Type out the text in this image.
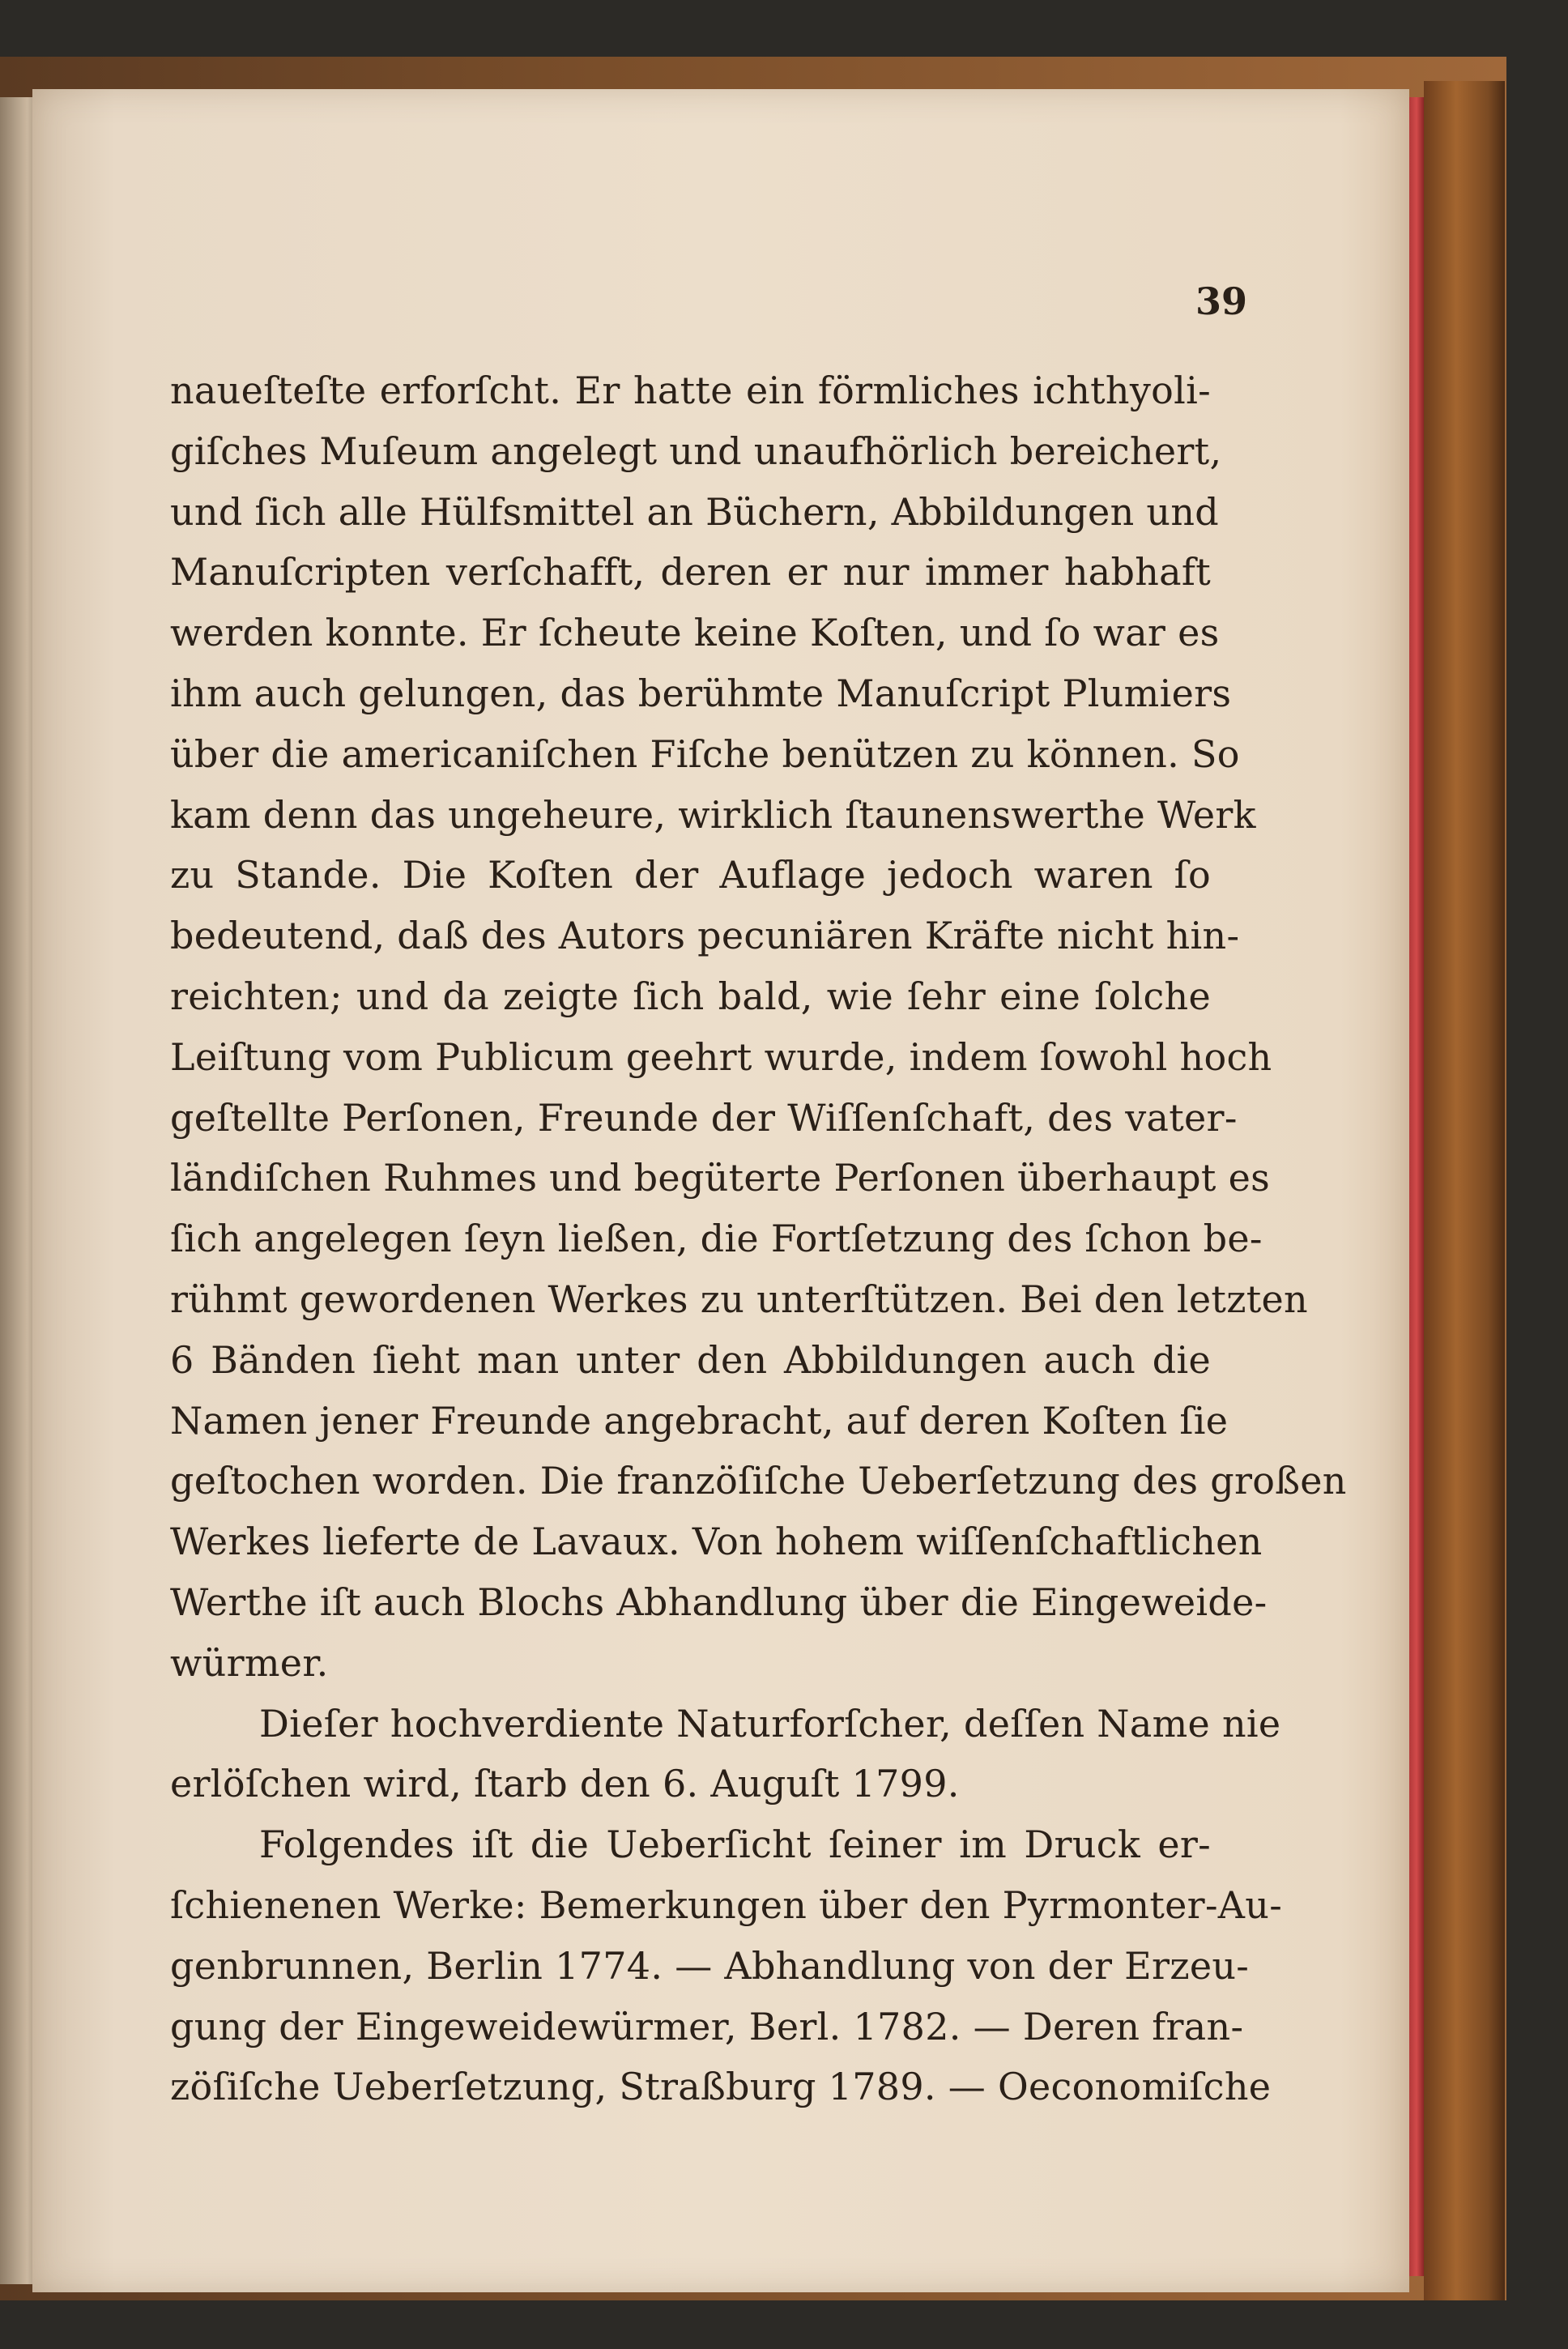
39
naueſteſte erforſcht. Er hatte ein förmliches ichthyoli-
giſches Muſeum angelegt und unaufhörlich bereichert,
und ſich alle Hülfsmittel an Büchern, Abbildungen und
Manuſcripten verſchafft, deren er nur immer habhaft
werden konnte. Er ſcheute keine Koſten, und ſo war es
ihm auch gelungen, das berühmte Manuſcript Plumiers
über die americaniſchen Fiſche benützen zu können. So
kam denn das ungeheure, wirklich ſtaunenswerthe Werk
zu Stande. Die Koſten der Auflage jedoch waren ſo
bedeutend, daß des Autors pecuniären Kräfte nicht hin-
reichten; und da zeigte ſich bald, wie ſehr eine ſolche
Leiſtung vom Publicum geehrt wurde, indem ſowohl hoch
geſtellte Perſonen, Freunde der Wiſſenſchaft, des vater-
ländiſchen Ruhmes und begüterte Perſonen überhaupt es
ſich angelegen ſeyn ließen, die Fortſetzung des ſchon be-
rühmt gewordenen Werkes zu unterſtützen. Bei den letzten
6 Bänden ſieht man unter den Abbildungen auch die
Namen jener Freunde angebracht, auf deren Koſten ſie
geſtochen worden. Die franzöſiſche Ueberſetzung des großen
Werkes lieferte de Lavaux. Von hohem wiſſenſchaftlichen
Werthe iſt auch Blochs Abhandlung über die Eingeweide-
würmer.
Dieſer hochverdiente Naturforſcher, deſſen Name nie
erlöſchen wird, ſtarb den 6. Auguſt 1799.
Folgendes iſt die Ueberſicht ſeiner im Druck er-
ſchienenen Werke: Bemerkungen über den Pyrmonter-Au-
genbrunnen, Berlin 1774. — Abhandlung von der Erzeu-
gung der Eingeweidewürmer, Berl. 1782. — Deren fran-
zöſiſche Ueberſetzung, Straßburg 1789. — Oeconomiſche
